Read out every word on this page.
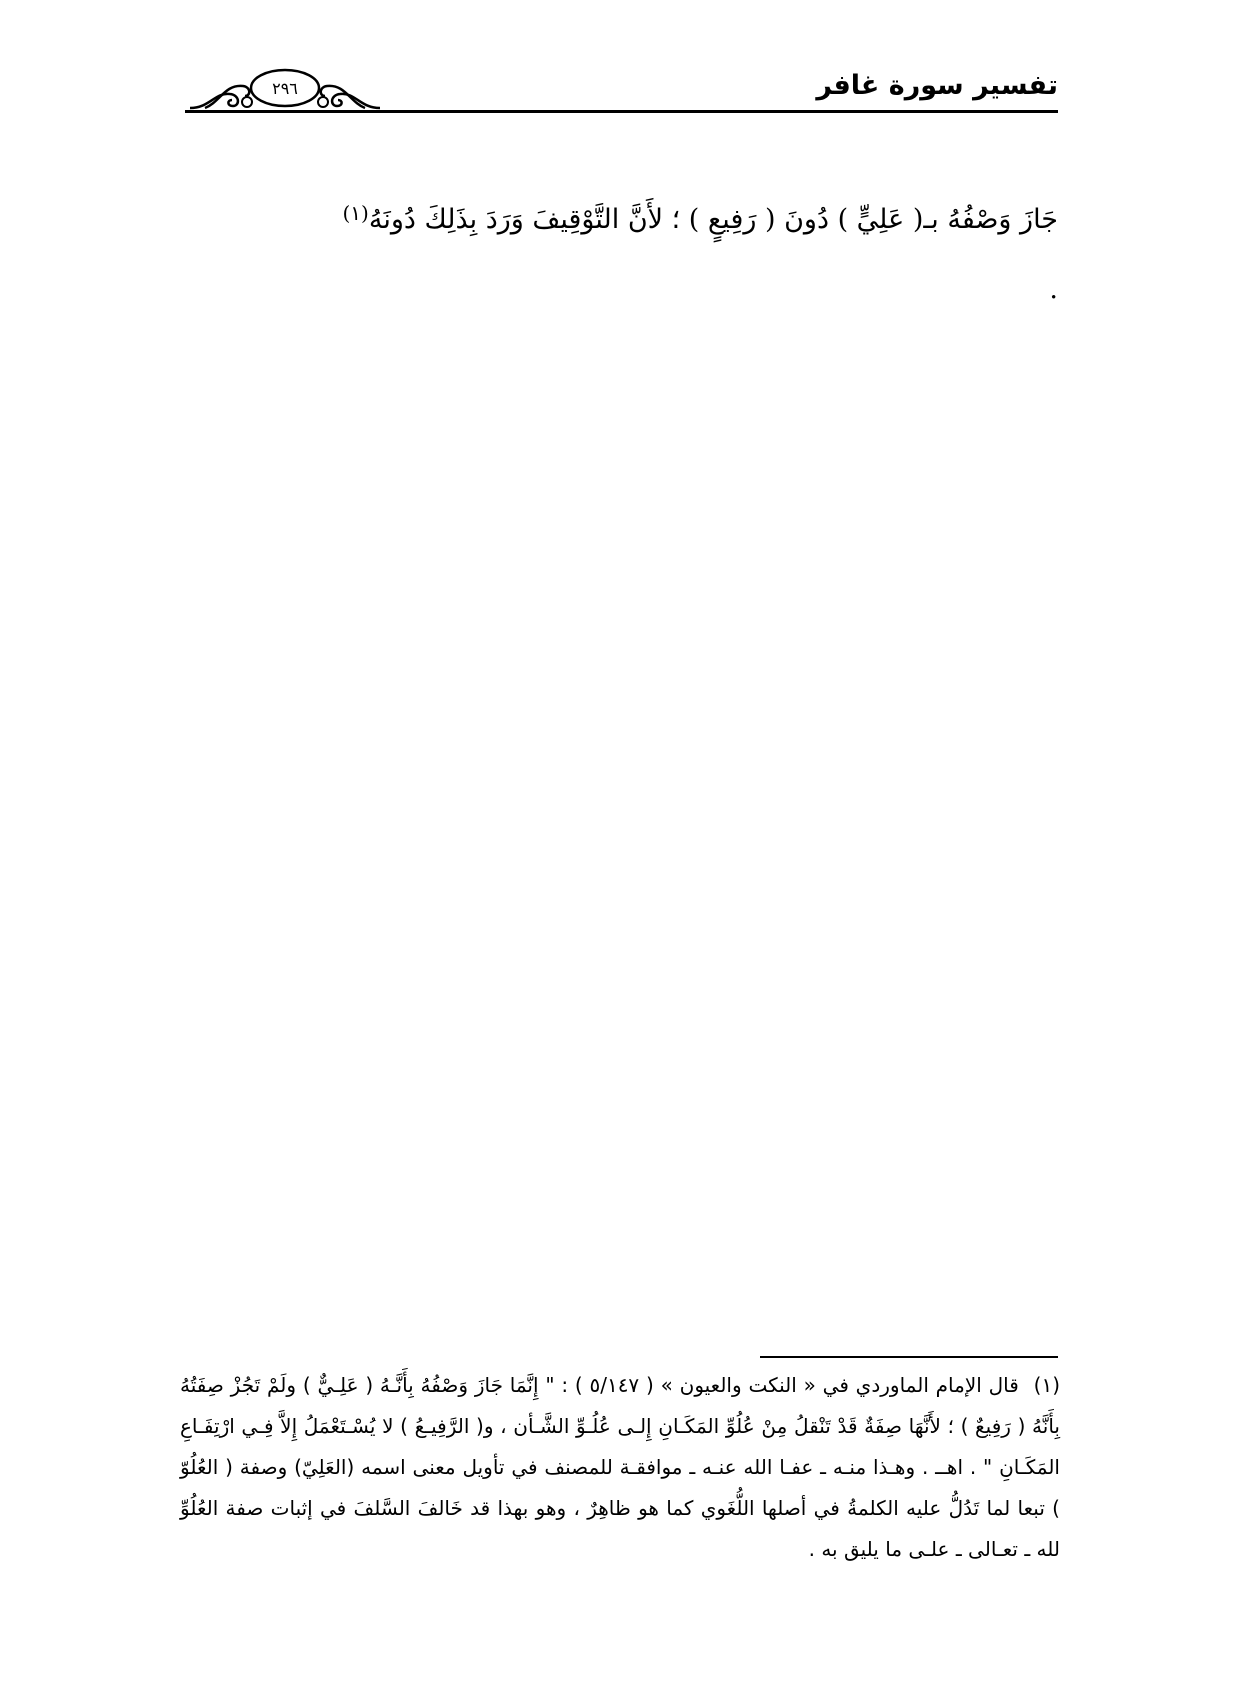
تفسير سورة غافر
٢٩٦
جَازَ وَصْفُهُ بـ( عَلِيٍّ ) دُونَ ( رَفِيعٍ ) ؛ لأَنَّ التَّوْقِيفَ وَرَدَ بِذَلِكَ دُونَهُ$^{(١)}$
.
(١) قال الإمام الماوردي في « النكت والعيون » ( ٥/١٤٧ ) : " إِنَّمَا جَازَ وَصْفُهُ بِأَنَّـهُ ( عَلِـيٌّ ) ولَمْ تَجُزْ صِفَتُهُ بِأَنَّهُ ( رَفِيعٌ ) ؛ لأَنَّهَا صِفَةٌ قَدْ تَنْقلُ مِنْ عُلُوِّ المَكَـانِ إِلـى عُلُـوِّ الشَّـأن ، و( الرَّفِيـعُ ) لا يُسْـتَعْمَلُ إِلاَّ فِـي ارْتِفَـاعِ المَكَـانِ " . اهــ . وهـذا منـه ـ عفـا الله عنـه ـ موافقـة للمصنف في تأويل معنى اسمه (العَلِيّ) وصفة ( العُلُوّ ) تبعا لما تَدُلُّ عليه الكلمةُ في أصلها اللُّغَوي كما هو ظاهِرٌ ، وهو بهذا قد خَالفَ السَّلفَ في إثبات صفة العُلُوِّ لله ـ تعـالى ـ علـى ما يليق به .
